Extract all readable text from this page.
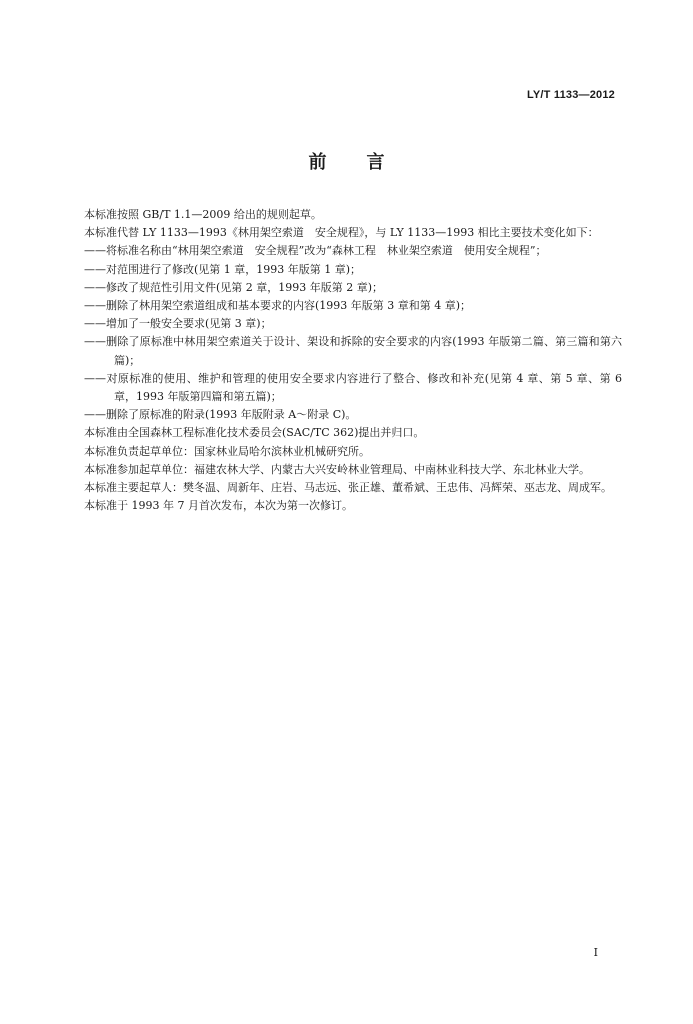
LY/T 1133—2012
前言

本标准按照 GB/T 1.1—2009 给出的规则起草。

本标准代替 LY 1133—1993《林用架空索道　安全规程》，与 LY 1133—1993 相比主要技术变化如下：

——将标准名称由“林用架空索道　安全规程”改为“森林工程　林业架空索道　使用安全规程”；

——对范围进行了修改(见第 1 章，1993 年版第 1 章)；

——修改了规范性引用文件(见第 2 章，1993 年版第 2 章)；

——删除了林用架空索道组成和基本要求的内容(1993 年版第 3 章和第 4 章)；

——增加了一般安全要求(见第 3 章)；

——删除了原标准中林用架空索道关于设计、架设和拆除的安全要求的内容(1993 年版第二篇、第三篇和第六篇)；

——对原标准的使用、维护和管理的使用安全要求内容进行了整合、修改和补充(见第 4 章、第 5 章、第 6 章，1993 年版第四篇和第五篇)；

——删除了原标准的附录(1993 年版附录 A～附录 C)。

本标准由全国森林工程标准化技术委员会(SAC/TC 362)提出并归口。

本标准负责起草单位：国家林业局哈尔滨林业机械研究所。

本标准参加起草单位：福建农林大学、内蒙古大兴安岭林业管理局、中南林业科技大学、东北林业大学。

本标准主要起草人：樊冬温、周新年、庄岩、马志远、张正雄、董希斌、王忠伟、冯辉荣、巫志龙、周成军。

本标准于 1993 年 7 月首次发布，本次为第一次修订。

I
